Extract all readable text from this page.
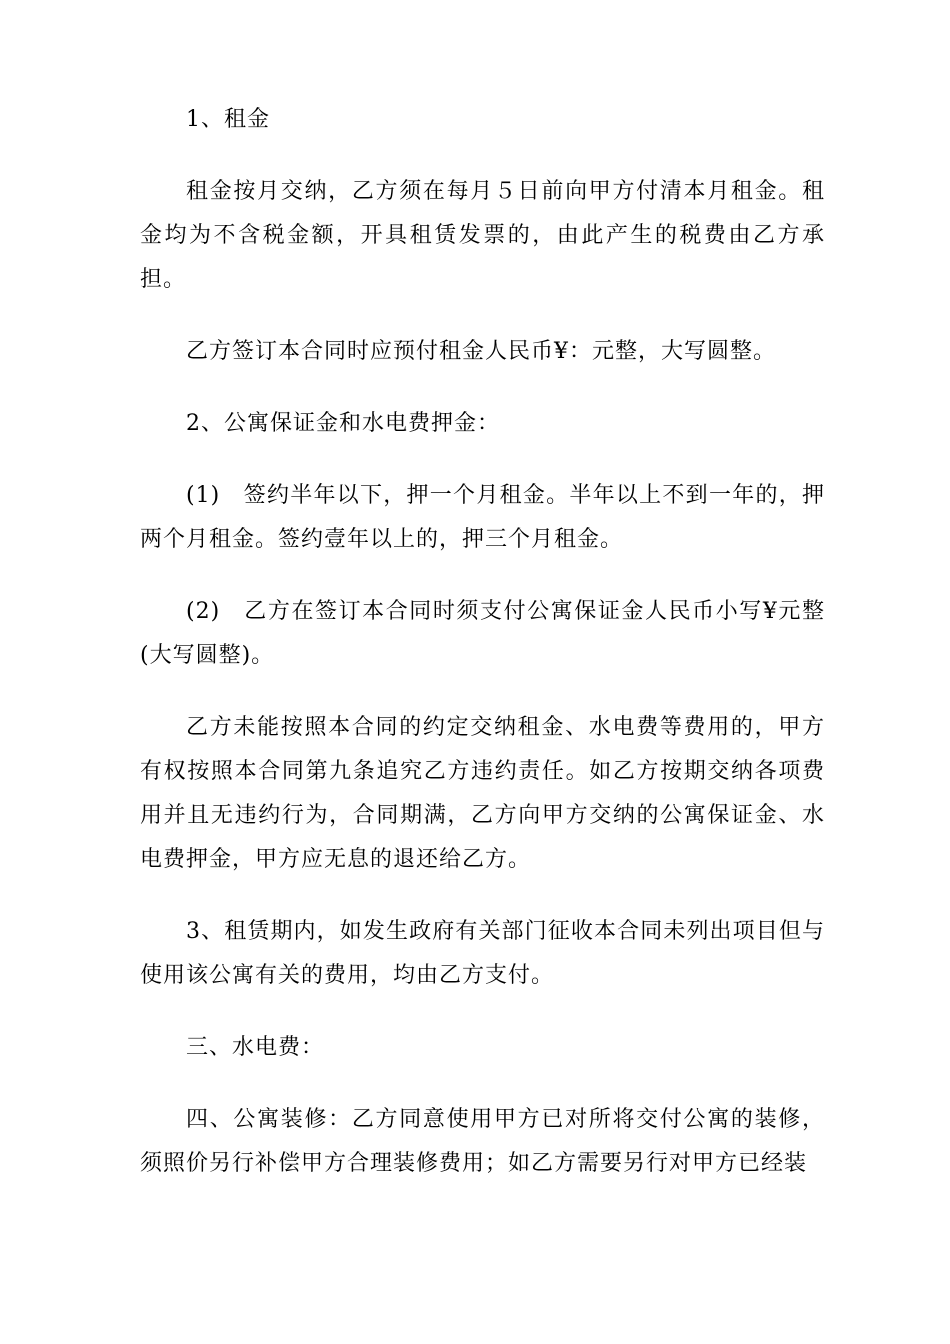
1、租金

租金按月交纳，乙方须在每月５日前向甲方付清本月租金。租金均为不含税金额，开具租赁发票的，由此产生的税费由乙方承担。

乙方签订本合同时应预付租金人民币¥：元整，大写圆整。

2、公寓保证金和水电费押金：

(1)　签约半年以下，押一个月租金。半年以上不到一年的，押两个月租金。签约壹年以上的，押三个月租金。

(2)　乙方在签订本合同时须支付公寓保证金人民币小写¥元整(大写圆整)。

乙方未能按照本合同的约定交纳租金、水电费等费用的，甲方有权按照本合同第九条追究乙方违约责任。如乙方按期交纳各项费用并且无违约行为，合同期满，乙方向甲方交纳的公寓保证金、水电费押金，甲方应无息的退还给乙方。

3、租赁期内，如发生政府有关部门征收本合同未列出项目但与使用该公寓有关的费用，均由乙方支付。

三、水电费：

四、公寓装修：乙方同意使用甲方已对所将交付公寓的装修，须照价另行补偿甲方合理装修费用；如乙方需要另行对甲方已经装
